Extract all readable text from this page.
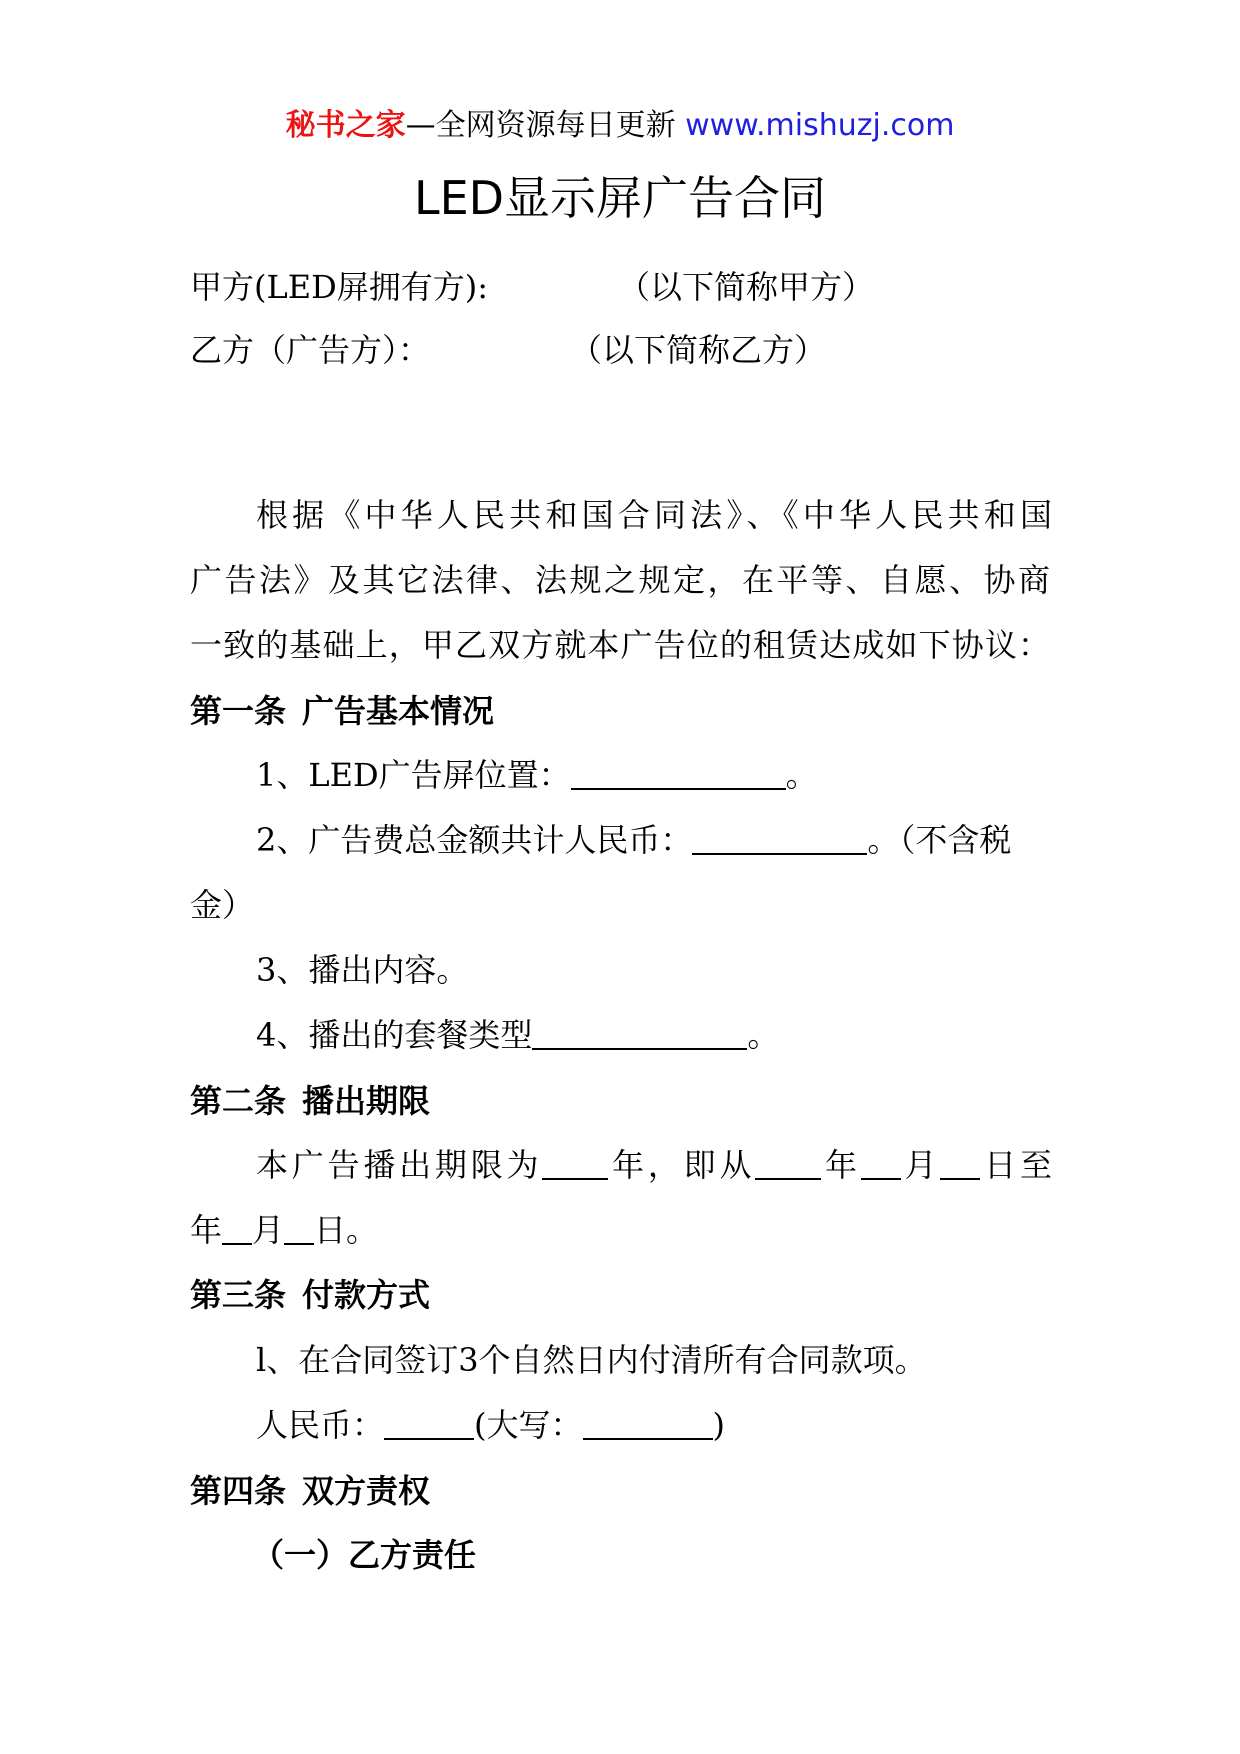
秘书之家—全网资源每日更新 www.mishuzj.com
LED显示屏广告合同
甲方(LED屏拥有方):	（以下简称甲方）
乙方（广告方）：	（以下简称乙方）
根据《中华人民共和国合同法》、《中华人民共和国
广告法》及其它法律、法规之规定，在平等、自愿、协商
一致的基础上，甲乙双方就本广告位的租赁达成如下协议：
第一条 广告基本情况
1、LED广告屏位置：	。
2、广告费总金额共计人民币：	。（不含税
金）
3、播出内容。
4、播出的套餐类型	。
第二条 播出期限
本广告播出期限为 年，即从 年 月 日至
年 月 日。
第三条 付款方式
l、在合同签订3个自然日内付清所有合同款项。
人民币：	(大写：	)
第四条 双方责权
（一）乙方责任
